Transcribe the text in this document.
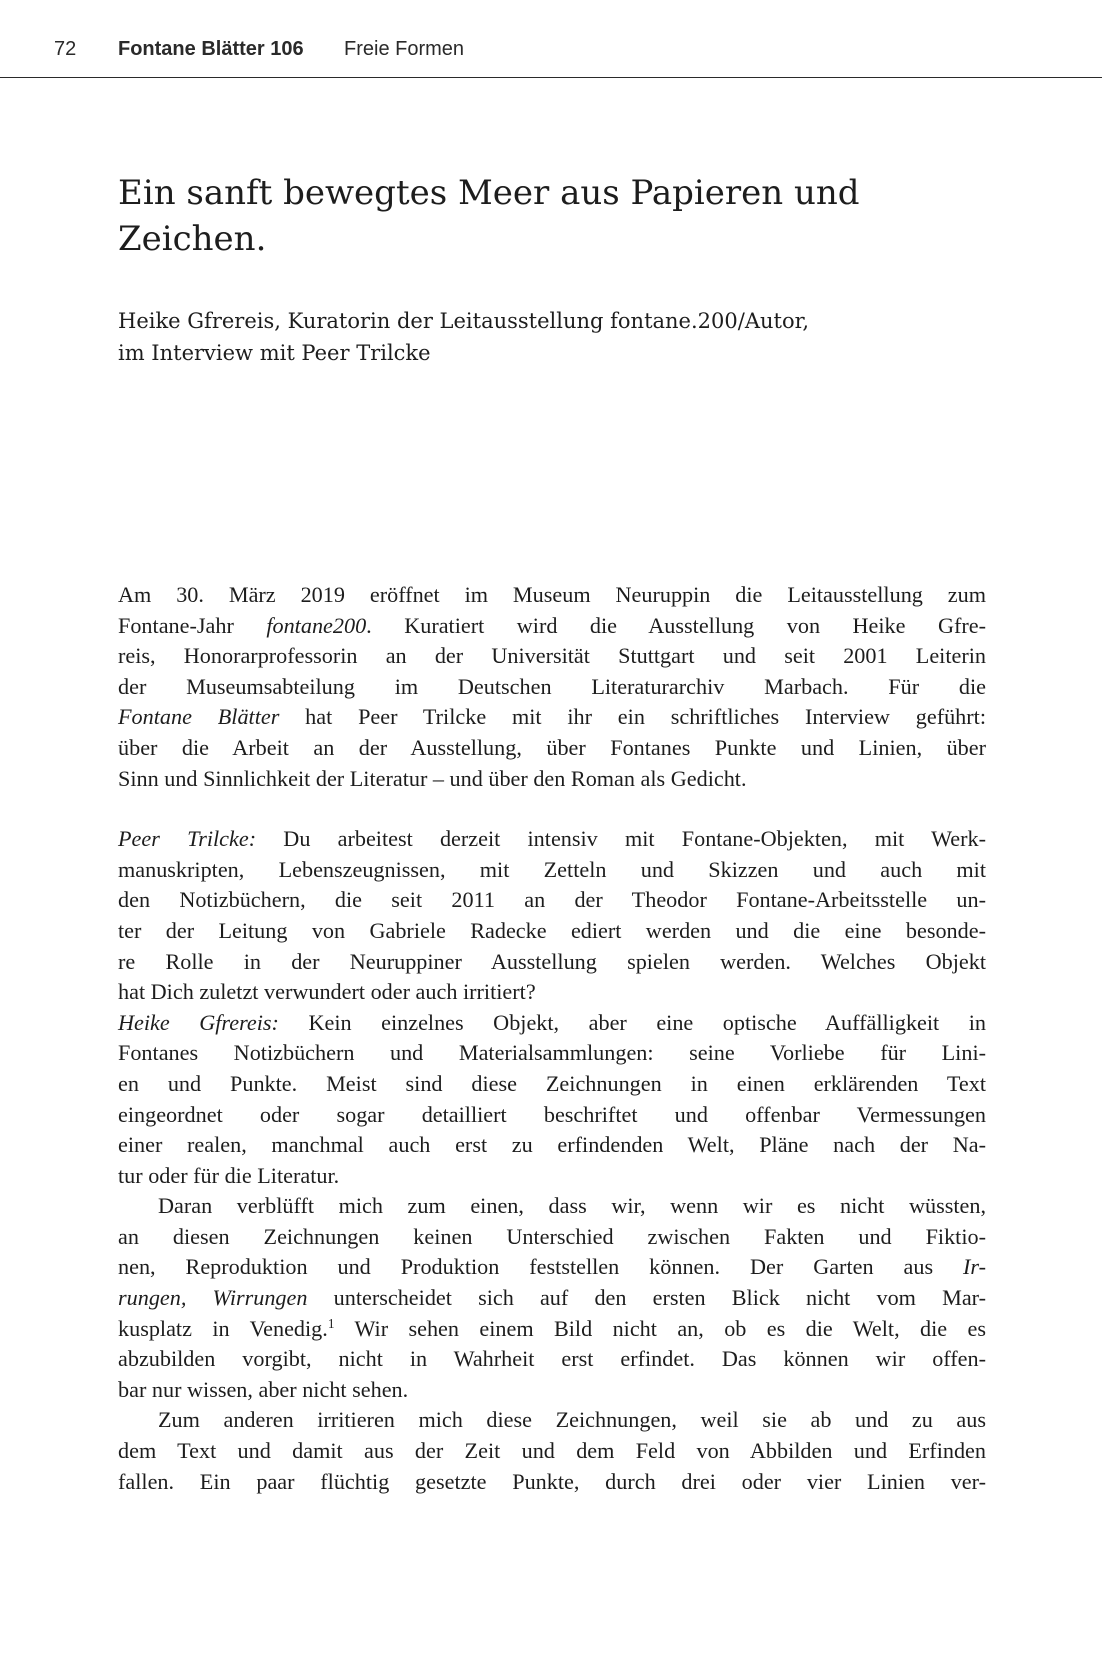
72 Fontane Blätter 106 Freie Formen
Ein sanft bewegtes Meer aus Papieren und
Zeichen.
Heike Gfrereis, Kuratorin der Leitausstellung fontane.200/Autor,
im Interview mit Peer Trilcke
Am 30. März 2019 eröffnet im Museum Neuruppin die Leitausstellung zum
Fontane-Jahr fontane200. Kuratiert wird die Ausstellung von Heike Gfre-
reis, Honorarprofessorin an der Universität Stuttgart und seit 2001 Leiterin
der Museumsabteilung im Deutschen Literaturarchiv Marbach. Für die
Fontane Blätter hat Peer Trilcke mit ihr ein schriftliches Interview geführt:
über die Arbeit an der Ausstellung, über Fontanes Punkte und Linien, über
Sinn und Sinnlichkeit der Literatur – und über den Roman als Gedicht.
Peer Trilcke: Du arbeitest derzeit intensiv mit Fontane-Objekten, mit Werk-
manuskripten, Lebenszeugnissen, mit Zetteln und Skizzen und auch mit
den Notizbüchern, die seit 2011 an der Theodor Fontane-Arbeitsstelle un-
ter der Leitung von Gabriele Radecke ediert werden und die eine besonde-
re Rolle in der Neuruppiner Ausstellung spielen werden. Welches Objekt
hat Dich zuletzt verwundert oder auch irritiert?
Heike Gfrereis: Kein einzelnes Objekt, aber eine optische Auffälligkeit in
Fontanes Notizbüchern und Materialsammlungen: seine Vorliebe für Lini-
en und Punkte. Meist sind diese Zeichnungen in einen erklärenden Text
eingeordnet oder sogar detailliert beschriftet und offenbar Vermessungen
einer realen, manchmal auch erst zu erfindenden Welt, Pläne nach der Na-
tur oder für die Literatur.
Daran verblüfft mich zum einen, dass wir, wenn wir es nicht wüssten,
an diesen Zeichnungen keinen Unterschied zwischen Fakten und Fiktio-
nen, Reproduktion und Produktion feststellen können. Der Garten aus Ir-
rungen, Wirrungen unterscheidet sich auf den ersten Blick nicht vom Mar-
kusplatz in Venedig.$^1$ Wir sehen einem Bild nicht an, ob es die Welt, die es
abzubilden vorgibt, nicht in Wahrheit erst erfindet. Das können wir offen-
bar nur wissen, aber nicht sehen.
Zum anderen irritieren mich diese Zeichnungen, weil sie ab und zu aus
dem Text und damit aus der Zeit und dem Feld von Abbilden und Erfinden
fallen. Ein paar flüchtig gesetzte Punkte, durch drei oder vier Linien ver-
